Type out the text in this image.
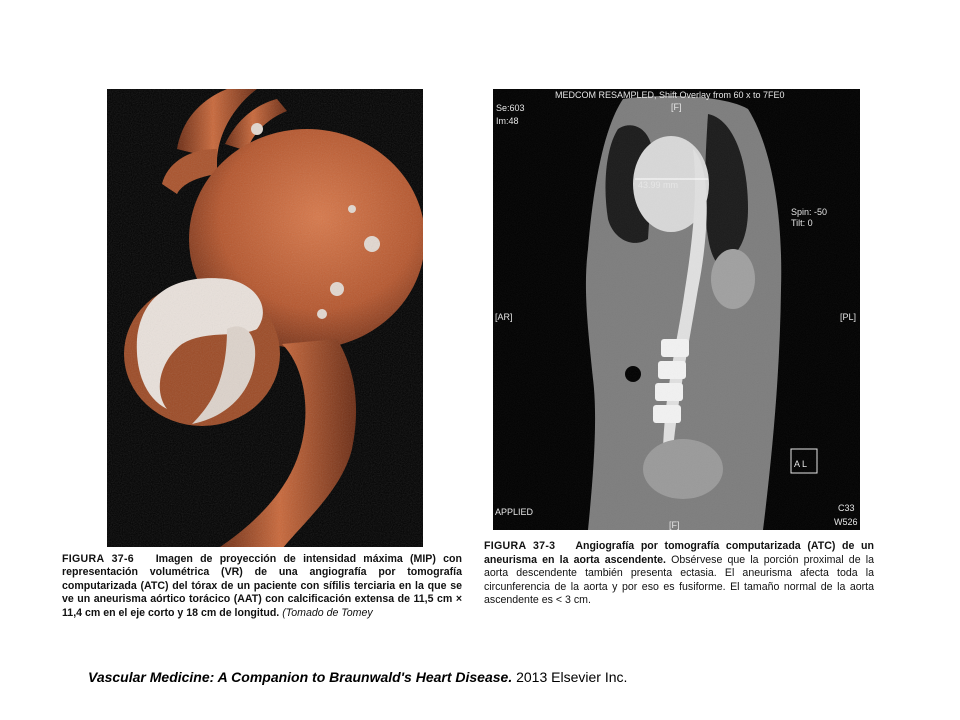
FIGURA 37-6 Imagen de proyección de intensidad máxima (MIP) con representación volumétrica (VR) de una angiografía por tomografía computarizada (ATC) del tórax de un paciente con sífilis terciaria en la que se ve un aneurisma aórtico torácico (AAT) con calcificación extensa de 11,5 cm × 11,4 cm en el eje corto y 18 cm de longitud. (Tomado de Tomey
MEDCOM RESAMPLED, Shift Overlay from 60 x to 7FE0
Se:603
Im:48
[F]
43.99 mm
Spin: -50
Tilt: 0
[AR]	[PL]
A L
APPLIED	C33
W526
[F]
FIGURA 37-3 Angiografía por tomografía computarizada (ATC) de un aneurisma en la aorta ascendente. Obsérvese que la porción proximal de la aorta descendente también presenta ectasia. El aneurisma afecta toda la circunferencia de la aorta y por eso es fusiforme. El tamaño normal de la aorta ascendente es < 3 cm.
Vascular Medicine: A Companion to Braunwald's Heart Disease. 2013 Elsevier Inc.
